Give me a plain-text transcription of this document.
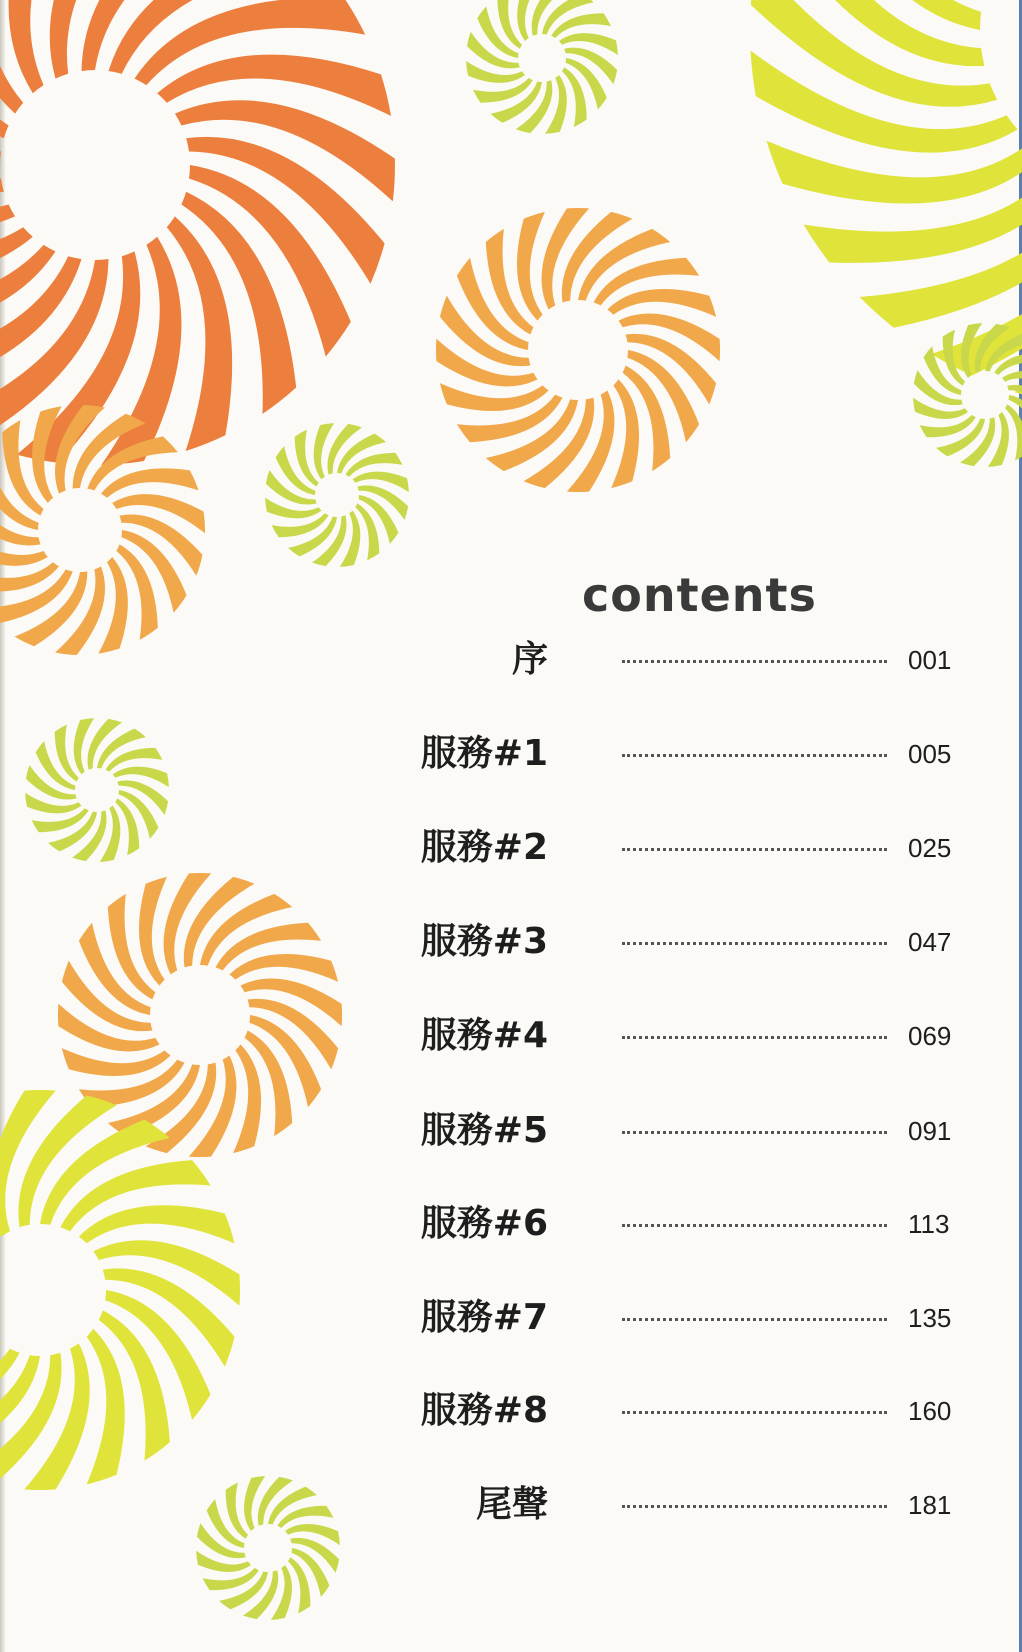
contents
序	001
服務#1	005
服務#2	025
服務#3	047
服務#4	069
服務#5	091
服務#6	113
服務#7	135
服務#8	160
尾聲	181
